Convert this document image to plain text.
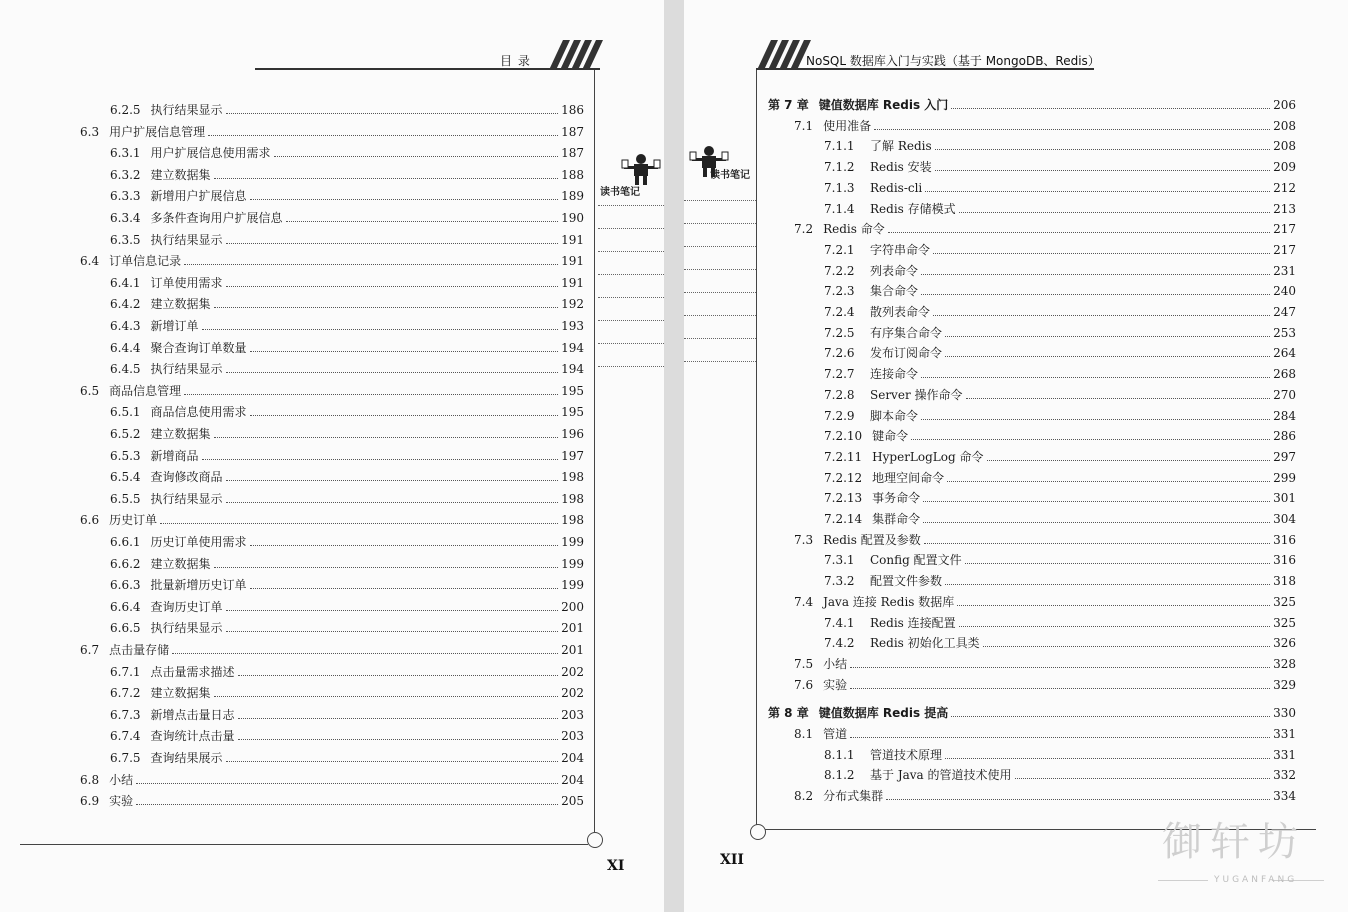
目 录
6.2.5 执行结果显示	186
6.3 用户扩展信息管理	187
6.3.1 用户扩展信息使用需求	187
6.3.2 建立数据集	188
6.3.3 新增用户扩展信息	189
6.3.4 多条件查询用户扩展信息	190
6.3.5 执行结果显示	191
6.4 订单信息记录	191
6.4.1 订单使用需求	191
6.4.2 建立数据集	192
6.4.3 新增订单	193
6.4.4 聚合查询订单数量	194
6.4.5 执行结果显示	194
6.5 商品信息管理	195
6.5.1 商品信息使用需求	195
6.5.2 建立数据集	196
6.5.3 新增商品	197
6.5.4 查询修改商品	198
6.5.5 执行结果显示	198
6.6 历史订单	198
6.6.1 历史订单使用需求	199
6.6.2 建立数据集	199
6.6.3 批量新增历史订单	199
6.6.4 查询历史订单	200
6.6.5 执行结果显示	201
6.7 点击量存储	201
6.7.1 点击量需求描述	202
6.7.2 建立数据集	202
6.7.3 新增点击量日志	203
6.7.4 查询统计点击量	203
6.7.5 查询结果展示	204
6.8 小结	204
6.9 实验	205
读书笔记
XI
NoSQL 数据库入门与实践（基于 MongoDB、Redis）
第 7 章 键值数据库 Redis 入门	206
7.1 使用准备	208
7.1.1	了解 Redis	208
7.1.2	Redis 安装	209
7.1.3	Redis-cli	212
7.1.4	Redis 存储模式	213
7.2 Redis 命令	217
7.2.1	字符串命令	217
7.2.2	列表命令	231
7.2.3	集合命令	240
7.2.4	散列表命令	247
7.2.5	有序集合命令	253
7.2.6	发布订阅命令	264
7.2.7	连接命令	268
7.2.8	Server 操作命令	270
7.2.9	脚本命令	284
7.2.10 键命令	286
7.2.11 HyperLogLog 命令	297
7.2.12 地理空间命令	299
7.2.13 事务命令	301
7.2.14 集群命令	304
7.3 Redis 配置及参数	316
7.3.1	Config 配置文件	316
7.3.2	配置文件参数	318
7.4 Java 连接 Redis 数据库	325
7.4.1	Redis 连接配置	325
7.4.2	Redis 初始化工具类	326
7.5 小结	328
7.6 实验	329
第 8 章 键值数据库 Redis 提高	330
8.1 管道	331
8.1.1	管道技术原理	331
8.1.2	基于 Java 的管道技术使用	332
8.2 分布式集群	334
读书笔记
XII	御轩坊
YUGANFANG
